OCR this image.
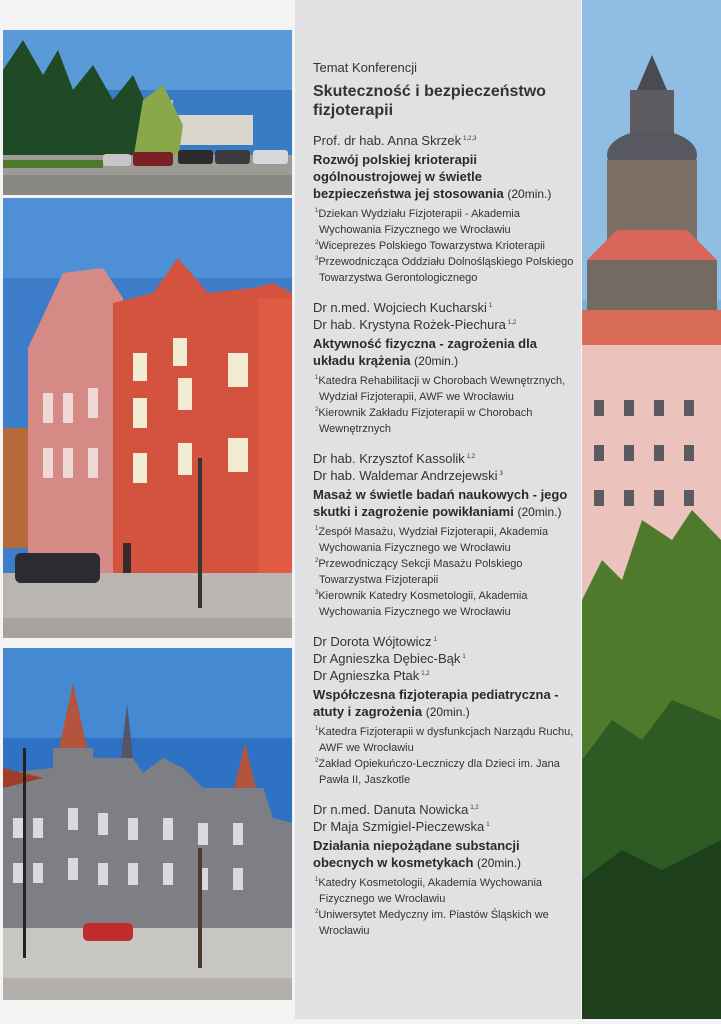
Temat Konferencji

Skuteczność i bezpieczeństwo fizjoterapii
Prof. dr hab. Anna Skrzek $^{1,2,3}$
Rozwój polskiej krioterapii ogólnoustrojowej w świetle bezpieczeństwa jej stosowania (20min.)
$^1$Dziekan Wydziału Fizjoterapii - Akademia Wychowania Fizycznego we Wrocławiu
$^2$Wiceprezes Polskiego Towarzystwa Krioterapii
$^3$Przewodnicząca Oddziału Dolnośląskiego Polskiego Towarzystwa Gerontologicznego
Dr n.med. Wojciech Kucharski $^1$
Dr hab. Krystyna Rożek-Piechura $^{1,2}$
Aktywność fizyczna - zagrożenia dla układu krążenia (20min.)
$^1$Katedra Rehabilitacji w Chorobach Wewnętrznych, Wydział Fizjoterapii, AWF we Wrocławiu
$^2$Kierownik Zakładu Fizjoterapii w Chorobach Wewnętrznych
Dr hab. Krzysztof Kassolik $^{1,2}$
Dr hab. Waldemar Andrzejewski $^3$
Masaż w świetle badań naukowych - jego skutki i zagrożenie powikłaniami (20min.)
$^1$Zespół Masażu, Wydział Fizjoterapii, Akademia Wychowania Fizycznego we Wrocławiu
$^2$Przewodniczący Sekcji Masażu Polskiego Towarzystwa Fizjoterapii
$^3$Kierownik Katedry Kosmetologii, Akademia Wychowania Fizycznego we Wrocławiu
Dr Dorota Wójtowicz $^1$
Dr Agnieszka Dębiec-Bąk $^1$
Dr Agnieszka Ptak $^{1,2}$
Współczesna fizjoterapia pediatryczna - atuty i zagrożenia (20min.)
$^1$Katedra Fizjoterapii w dysfunkcjach Narządu Ruchu, AWF we Wrocławiu
$^2$Zakład Opiekuńczo-Leczniczy dla Dzieci im. Jana Pawła II, Jaszkotle
Dr n.med. Danuta Nowicka $^{1,2}$
Dr Maja Szmigiel-Pieczewska $^1$
Działania niepożądane substancji obecnych w kosmetykach (20min.)
$^1$Katedry Kosmetologii, Akademia Wychowania Fizycznego we Wrocławiu
$^2$Uniwersytet Medyczny im. Piastów Śląskich we Wrocławiu
